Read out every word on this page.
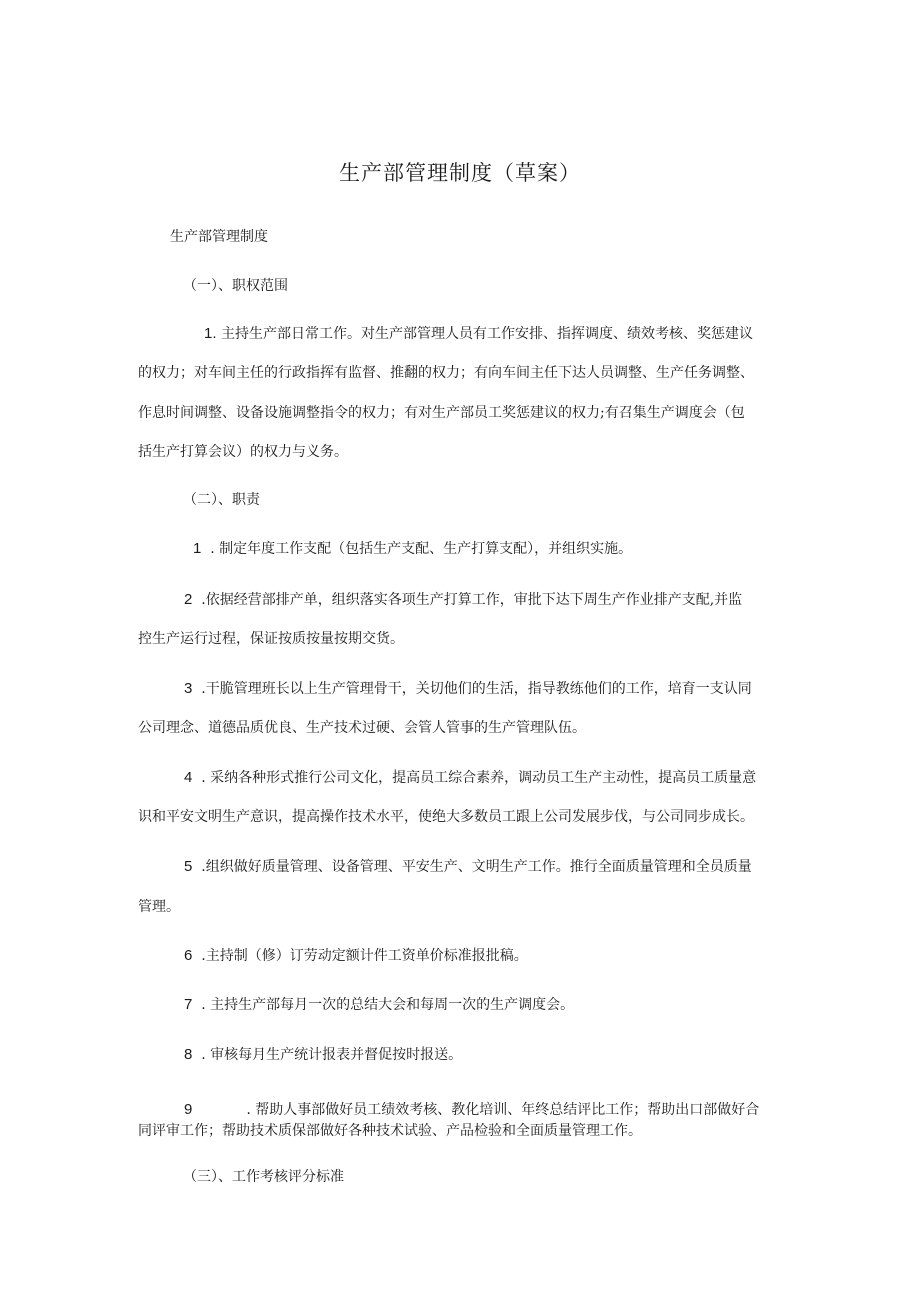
生产部管理制度（草案）

生产部管理制度

（一）、职权范围

1. 主持生产部日常工作。对生产部管理人员有工作安排、指挥调度、绩效考核、奖惩建议

的权力；对车间主任的行政指挥有监督、推翻的权力；有向车间主任下达人员调整、生产任务调整、

作息时间调整、设备设施调整指令的权力；有对生产部员工奖惩建议的权力;有召集生产调度会（包

括生产打算会议）的权力与义务。

（二）、职责

1 . 制定年度工作支配（包括生产支配、生产打算支配），并组织实施。

2 .依据经营部排产单，组织落实各项生产打算工作，审批下达下周生产作业排产支配,并监

控生产运行过程，保证按质按量按期交货。

3 .干脆管理班长以上生产管理骨干，关切他们的生活，指导教练他们的工作，培育一支认同

公司理念、道德品质优良、生产技术过硬、会管人管事的生产管理队伍。

4 . 采纳各种形式推行公司文化，提高员工综合素养，调动员工生产主动性，提高员工质量意

识和平安文明生产意识，提高操作技术水平，使绝大多数员工跟上公司发展步伐，与公司同步成长。

5 .组织做好质量管理、设备管理、平安生产、文明生产工作。推行全面质量管理和全员质量

管理。

6 .主持制（修）订劳动定额计件工资单价标准报批稿。

7 . 主持生产部每月一次的总结大会和每周一次的生产调度会。

8 . 审核每月生产统计报表并督促按时报送。

9	. 帮助人事部做好员工绩效考核、教化培训、年终总结评比工作；帮助出口部做好合

同评审工作；帮助技术质保部做好各种技术试验、产品检验和全面质量管理工作。

（三）、工作考核评分标准
